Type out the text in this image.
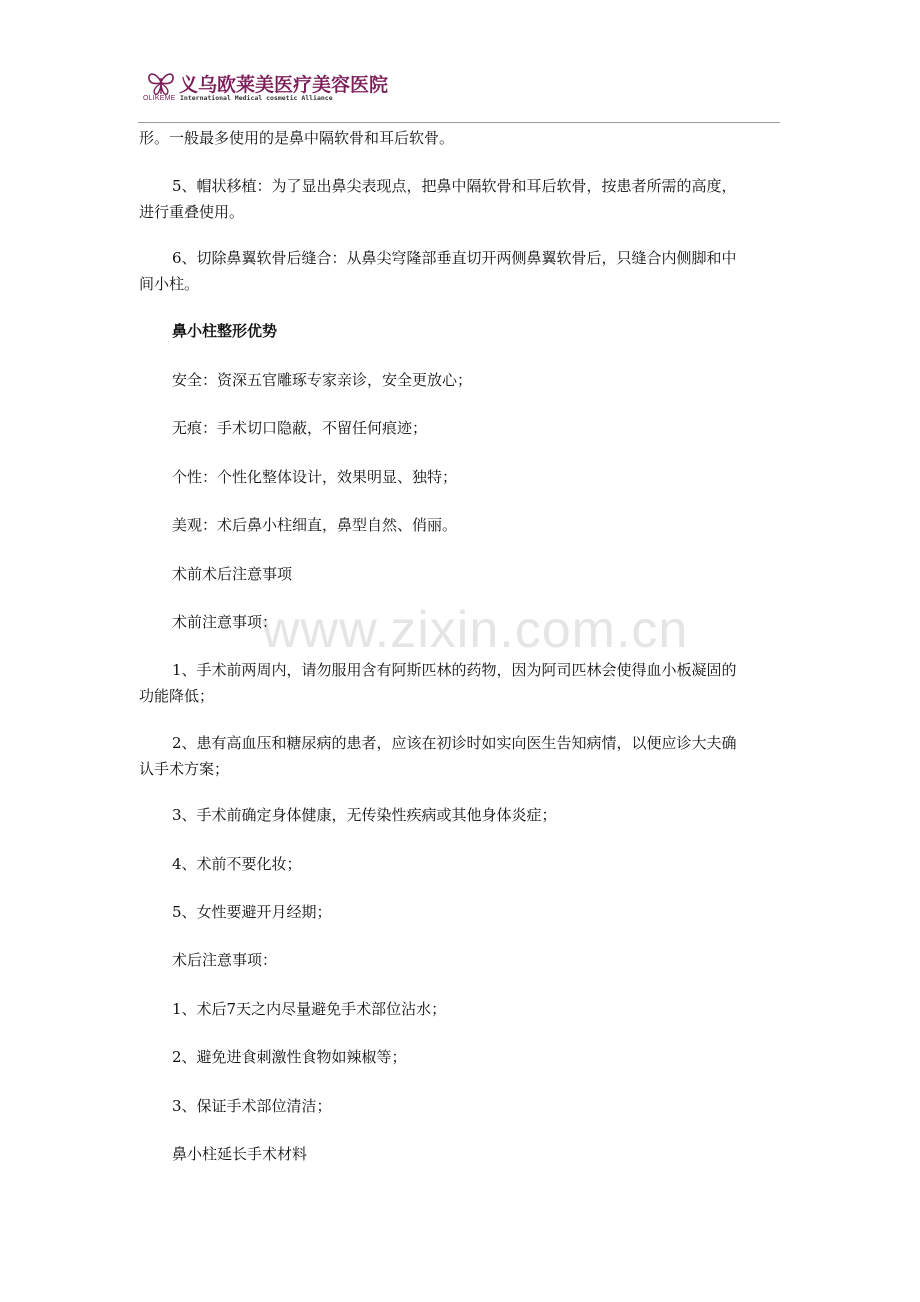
OLIKEME
义乌欧莱美医疗美容医院
International Medical cosmetic Alliance
www.zixin.com.cn
形。一般最多使用的是鼻中隔软骨和耳后软骨。
5、帽状移植：为了显出鼻尖表现点，把鼻中隔软骨和耳后软骨，按患者所需的高度，
进行重叠使用。
6、切除鼻翼软骨后缝合：从鼻尖穹隆部垂直切开两侧鼻翼软骨后，只缝合内侧脚和中
间小柱。
鼻小柱整形优势
安全：资深五官雕琢专家亲诊，安全更放心；
无痕：手术切口隐蔽，不留任何痕迹；
个性：个性化整体设计，效果明显、独特；
美观：术后鼻小柱细直，鼻型自然、俏丽。
术前术后注意事项
术前注意事项：
1、手术前两周内，请勿服用含有阿斯匹林的药物，因为阿司匹林会使得血小板凝固的
功能降低；
2、患有高血压和糖尿病的患者，应该在初诊时如实向医生告知病情，以便应诊大夫确
认手术方案；
3、手术前确定身体健康，无传染性疾病或其他身体炎症；
4、术前不要化妆；
5、女性要避开月经期；
术后注意事项：
1、术后7天之内尽量避免手术部位沾水；
2、避免进食刺激性食物如辣椒等；
3、保证手术部位清洁；
鼻小柱延长手术材料
